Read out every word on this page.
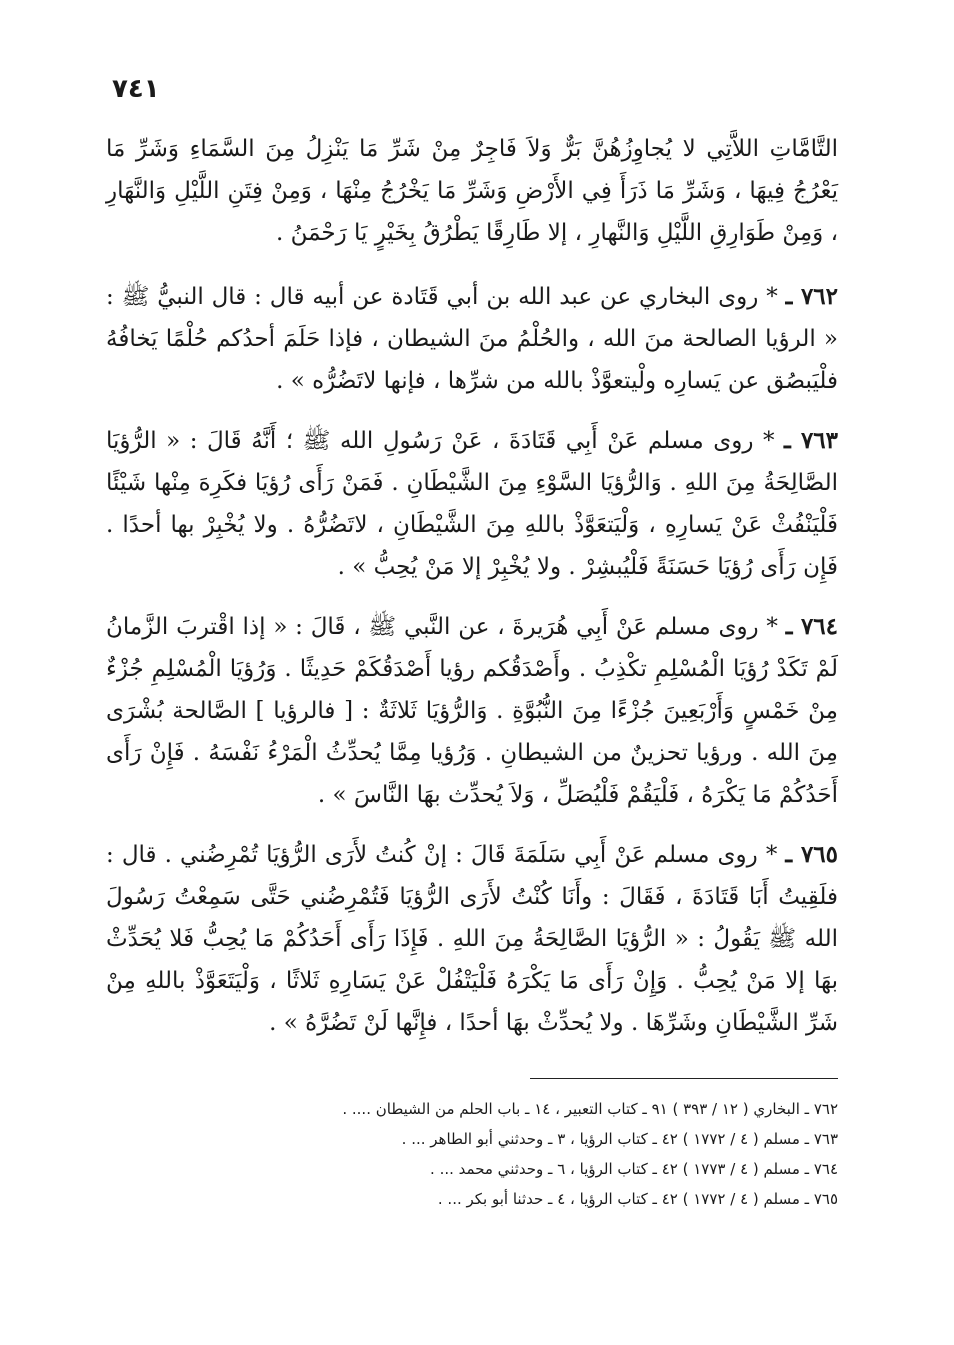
٧٤١

التَّامَّاتِ اللاَّتِي لا يُجاوِزُهُنَّ بَرٌّ وَلاَ فَاجِرٌ مِنْ شَرِّ مَا يَنْزِلُ مِنَ السَّمَاءِ وَشَرِّ مَا يَعْرُجُ فِيهَا ، وَشَرِّ مَا ذَرَأَ فِي الأَرْضِ وَشَرِّ مَا يَخْرُجُ مِنْهَا ، وَمِنْ فِتَنِ اللَّيْلِ وَالنَّهَارِ ، وَمِنْ طَوَارِقِ اللَّيْلِ وَالنَّهارِ ، إلا طَارِقًا يَطْرُقُ بِخَيْرٍ يَا رَحْمَنُ .

٧٦٢ ـ * روى البخاري عن عبد الله بن أبي قَتَادة عن أبيه قال : قال النبيُّ ﷺ : « الرؤيا الصالحة منَ الله ، والحُلْمُ منَ الشيطان ، فإذا حَلَمَ أحدُكم حُلْمًا يَخافُهُ فلْيَبصُق عن يَسارِه ولْيتعوَّذْ بالله من شرِّها ، فإنها لاتَضُرُّه » .

٧٦٣ ـ * روى مسلم عَنْ أَبِي قَتَادَةَ ، عَنْ رَسُولِ الله ﷺ ؛ أَنَّهُ قَالَ : « الرُّؤيَا الصَّالِحَةُ مِنَ اللهِ . وَالرُّؤيَا السَّوْءِ مِنَ الشَّيْطَانِ . فَمَنْ رَأَى رُؤيَا فكَرِهَ مِنْها شَيْئًا فَلْيَنْفُثْ عَنْ يَسارِهِ ، وَلْيَتعَوَّذْ باللهِ مِنَ الشَّيْطَانِ ، لاتَضُرُّهُ . ولا يُخْبِرْ بها أحدًا . فَإِن رَأَى رُؤيَا حَسَنَةً فَلْيُبشِرْ . ولا يُخْبِرْ إلا مَنْ يُحِبُّ » .

٧٦٤ ـ * روى مسلم عَنْ أَبِي هُرَيرةَ ، عن النَّبي ﷺ ، قَالَ : « إذا اقْتربَ الزَّمانُ لَمْ تَكَدْ رُؤيَا الْمُسْلِمِ تكْذِبُ . وأَصْدَقُكم رؤيا أَصْدَقُكَمْ حَدِيثًا . وَرُؤيَا الْمُسْلِمِ جُزْءٌ مِنْ خَمْسٍ وَأَرْبَعِينَ جُزْءًا مِنَ النُّبُوَّةِ . وَالرُّؤيَا ثَلاثَةٌ : [ فالرؤيا ] الصَّالحة بُشْرَى مِنَ الله . ورؤيا تحزينٌ من الشيطانِ . وَرُؤيا مِمَّا يُحدِّثُ الْمَرْءُ نَفْسَهُ . فَإِنْ رَأَى أَحَدُكُمْ مَا يَكْرَهُ ، فَلْيَقُمْ فَلْيُصَلِّ ، وَلاَ يُحدِّث بهَا النَّاسَ » .

٧٦٥ ـ * روى مسلم عَنْ أَبِي سَلَمَةَ قَالَ : إنْ كُنتُ لأَرَى الرُّؤيَا تُمْرِضُني . قال : فلَقِيتُ أَبَا قَتَادَةَ ، فَقَالَ : وأَنَا كُنْتُ لأَرَى الرُّؤيَا فَتُمْرِضُني حَتَّى سَمِعْتُ رَسُولَ الله ﷺ يَقُولُ : « الرُّؤيَا الصَّالِحَةُ مِنَ اللهِ . فَإِذَا رَأَى أَحَدُكُمْ مَا يُحِبُّ فَلا يُحَدِّثْ بهَا إلا مَنْ يُحِبُّ . وَإِنْ رَأَى مَا يَكْرَهُ فَلْيَتْفُلْ عَنْ يَسَارِهِ ثَلاثًا ، وَلْيَتَعَوَّذْ باللهِ مِنْ شَرِّ الشَّيْطَانِ وشَرِّهَا . ولا يُحدِّثْ بهَا أحدًا ، فإِنَّها لَنْ تَضُرَّهُ » .

٧٦٢ ـ البخاري ( ١٢ / ٣٩٣ ) ٩١ ـ كتاب التعبير ، ١٤ ـ باب الحلم من الشيطان .... .
٧٦٣ ـ مسلم ( ٤ / ١٧٧٢ ) ٤٢ ـ كتاب الرؤيا ، ٣ ـ وحدثني أبو الطاهر ... .
٧٦٤ ـ مسلم ( ٤ / ١٧٧٣ ) ٤٢ ـ كتاب الرؤيا ، ٦ ـ وحدثني محمد ... .
٧٦٥ ـ مسلم ( ٤ / ١٧٧٢ ) ٤٢ ـ كتاب الرؤيا ، ٤ ـ حدثنا أبو بكر ... .
